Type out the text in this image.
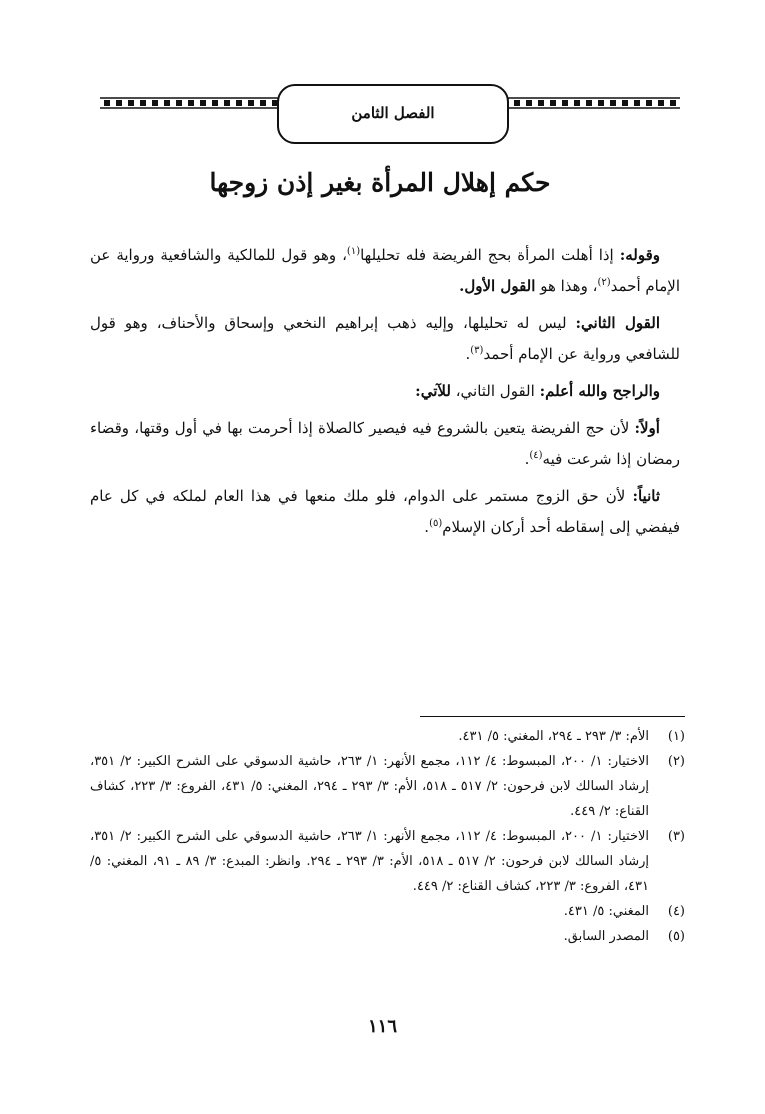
الفصل الثامن
حكم إهلال المرأة بغير إذن زوجها

وقوله: إذا أهلت المرأة بحج الفريضة فله تحليلها$^{(١)}$، وهو قول للمالكية والشافعية ورواية عن الإمام أحمد$^{(٢)}$، وهذا هو القول الأول.

القول الثاني: ليس له تحليلها، وإليه ذهب إبراهيم النخعي وإسحاق والأحناف، وهو قول للشافعي ورواية عن الإمام أحمد$^{(٣)}$.

والراجح والله أعلم: القول الثاني، للآتي:

أولاً: لأن حج الفريضة يتعين بالشروع فيه فيصير كالصلاة إذا أحرمت بها في أول وقتها، وقضاء رمضان إذا شرعت فيه$^{(٤)}$.

ثانياً: لأن حق الزوج مستمر على الدوام، فلو ملك منعها في هذا العام لملكه في كل عام فيفضي إلى إسقاطه أحد أركان الإسلام$^{(٥)}$.

(١)
الأم: ٣/ ٢٩٣ ـ ٢٩٤، المغني: ٥/ ٤٣١.
(٢)
الاختيار: ١/ ٢٠٠، المبسوط: ٤/ ١١٢، مجمع الأنهر: ١/ ٢٦٣، حاشية الدسوقي على الشرح الكبير: ٢/ ٣٥١، إرشاد السالك لابن فرحون: ٢/ ٥١٧ ـ ٥١٨، الأم: ٣/ ٢٩٣ ـ ٢٩٤، المغني: ٥/ ٤٣١، الفروع: ٣/ ٢٢٣، كشاف القناع: ٢/ ٤٤٩.
(٣)
الاختيار: ١/ ٢٠٠، المبسوط: ٤/ ١١٢، مجمع الأنهر: ١/ ٢٦٣، حاشية الدسوقي على الشرح الكبير: ٢/ ٣٥١، إرشاد السالك لابن فرحون: ٢/ ٥١٧ ـ ٥١٨، الأم: ٣/ ٢٩٣ ـ ٢٩٤. وانظر: المبدع: ٣/ ٨٩ ـ ٩١، المغني: ٥/ ٤٣١، الفروع: ٣/ ٢٢٣، كشاف القناع: ٢/ ٤٤٩.
(٤)
المغني: ٥/ ٤٣١.
(٥)
المصدر السابق.
١١٦
